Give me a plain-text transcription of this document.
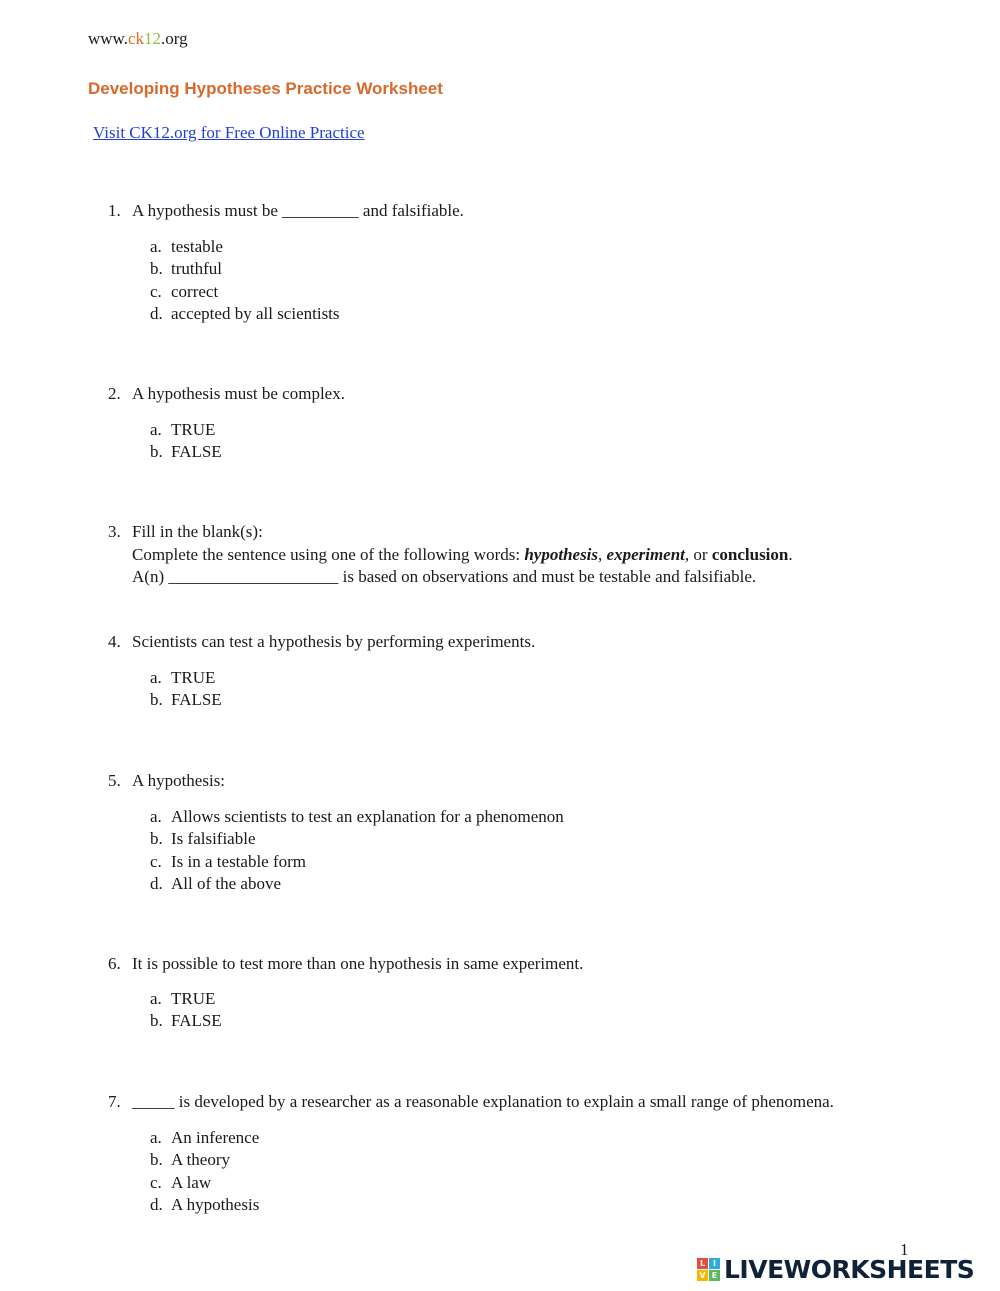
www.ck12.org
Developing Hypotheses Practice Worksheet
Visit CK12.org for Free Online Practice
1. A hypothesis must be _________ and falsifiable.
a. testable
b. truthful
c. correct
d. accepted by all scientists
2. A hypothesis must be complex.
a. TRUE
b. FALSE
3. Fill in the blank(s):
Complete the sentence using one of the following words: hypothesis, experiment, or conclusion.
A(n) ____________________ is based on observations and must be testable and falsifiable.
4. Scientists can test a hypothesis by performing experiments.
a. TRUE
b. FALSE
5. A hypothesis:
a. Allows scientists to test an explanation for a phenomenon
b. Is falsifiable
c. Is in a testable form
d. All of the above
6. It is possible to test more than one hypothesis in same experiment.
a. TRUE
b. FALSE
7. _____ is developed by a researcher as a reasonable explanation to explain a small range of phenomena.
a. An inference
b. A theory
c. A law
d. A hypothesis
1
L I
V E LIVEWORKSHEETS
